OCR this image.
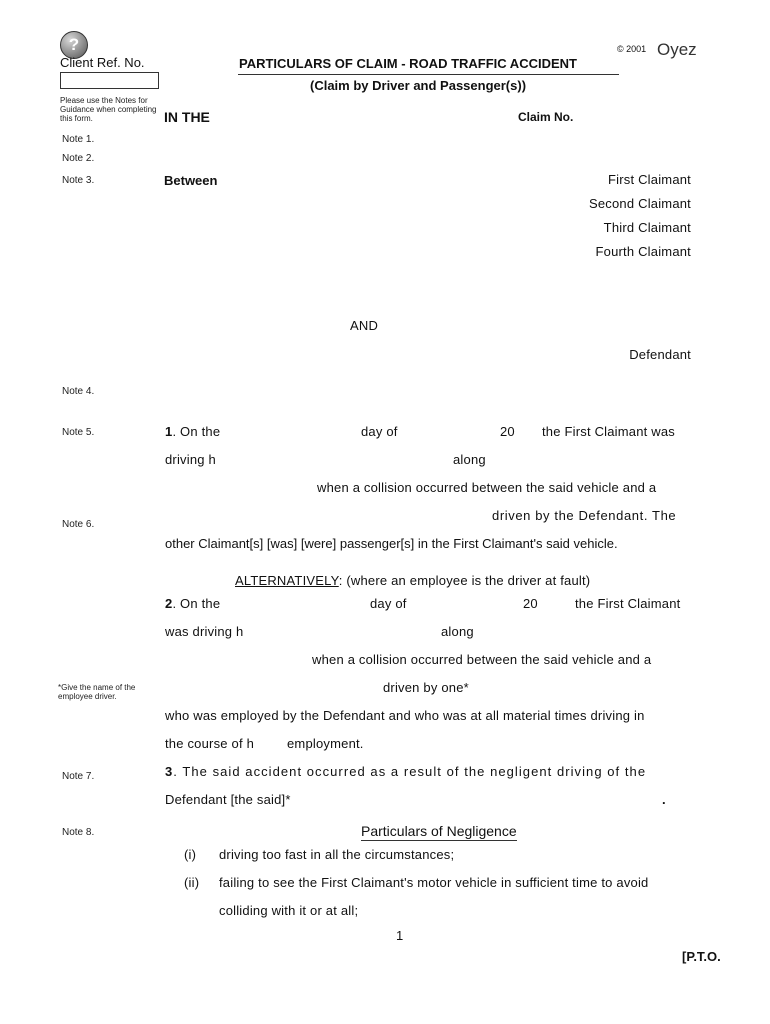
?
Client Ref. No.
© 2001 Oyez
PARTICULARS OF CLAIM - ROAD TRAFFIC ACCIDENT
(Claim by Driver and Passenger(s))
Please use the Notes for Guidance when completing this form.	IN THE	Claim No.
Note 1.
Note 2.
Note 3.
Note 4.
Note 5.
Note 6.
*Give the name of the employee driver.
Note 7.
Note 8.
Between	First Claimant
Second Claimant
Third Claimant
Fourth Claimant
AND
Defendant
1. On the	day of	20 the First Claimant was
driving h	along
when a collision occurred between the said vehicle and a
driven by the Defendant. The
other Claimant[s] [was] [were] passenger[s] in the First Claimant's said vehicle.
ALTERNATIVELY: (where an employee is the driver at fault)
2. On the	day of	20	the First Claimant
was driving h	along
when a collision occurred between the said vehicle and a
driven by one*
who was employed by the Defendant and who was at all material times driving in
the course of h	employment.
3. The said accident occurred as a result of the negligent driving of the
Defendant [the said]*	.
Particulars of Negligence
(i) driving too fast in all the circumstances;
(ii) failing to see the First Claimant's motor vehicle in sufficient time to avoid
colliding with it or at all;
1
[P.T.O.
